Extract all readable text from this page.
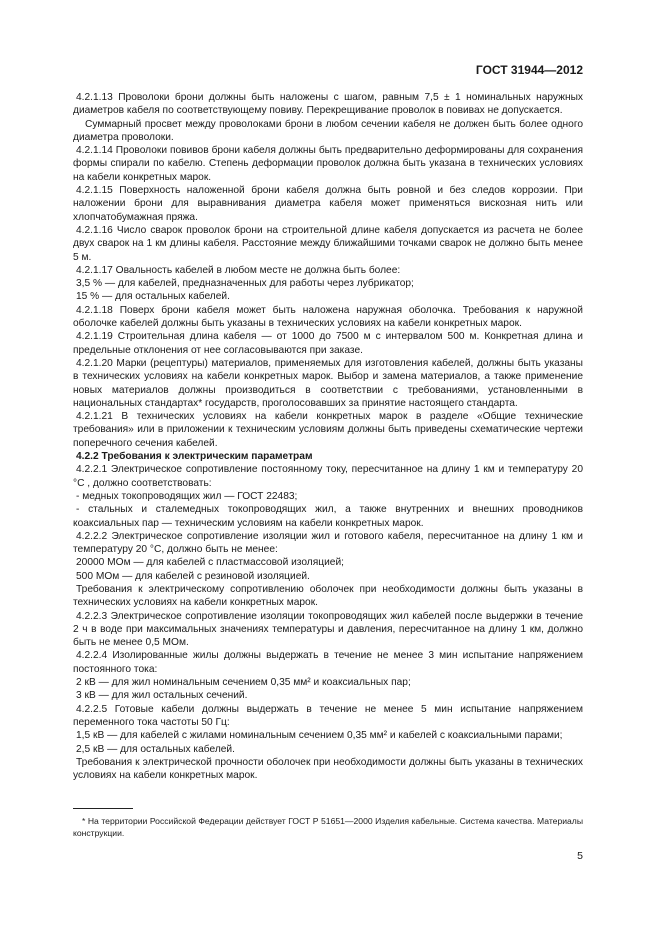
ГОСТ 31944—2012

4.2.1.13 Проволоки брони должны быть наложены с шагом, равным 7,5 ± 1 номинальных наружных диаметров кабеля по соответствующему повиву. Перекрещивание проволок в повивах не допускается.

Суммарный просвет между проволоками брони в любом сечении кабеля не должен быть более одного диаметра проволоки.

4.2.1.14 Проволоки повивов брони кабеля должны быть предварительно деформированы для сохранения формы спирали по кабелю. Степень деформации проволок должна быть указана в технических условиях на кабели конкретных марок.

4.2.1.15 Поверхность наложенной брони кабеля должна быть ровной и без следов коррозии. При наложении брони для выравнивания диаметра кабеля может применяться вискозная нить или хлопчатобумажная пряжа.

4.2.1.16 Число сварок проволок брони на строительной длине кабеля допускается из расчета не более двух сварок на 1 км длины кабеля. Расстояние между ближайшими точками сварок не должно быть менее 5 м.

4.2.1.17 Овальность кабелей в любом месте не должна быть более:

3,5 % — для кабелей, предназначенных для работы через лубрикатор;

15 % — для остальных кабелей.

4.2.1.18 Поверх брони кабеля может быть наложена наружная оболочка. Требования к наружной оболочке кабелей должны быть указаны в технических условиях на кабели конкретных марок.

4.2.1.19 Строительная длина кабеля — от 1000 до 7500 м с интервалом 500 м. Конкретная длина и предельные отклонения от нее согласовываются при заказе.

4.2.1.20 Марки (рецептуры) материалов, применяемых для изготовления кабелей, должны быть указаны в технических условиях на кабели конкретных марок. Выбор и замена материалов, а также применение новых материалов должны производиться в соответствии с требованиями, установленными в национальных стандартах* государств, проголосовавших за принятие настоящего стандарта.

4.2.1.21 В технических условиях на кабели конкретных марок в разделе «Общие технические требования» или в приложении к техническим условиям должны быть приведены схематические чертежи поперечного сечения кабелей.

4.2.2 Требования к электрическим параметрам

4.2.2.1 Электрическое сопротивление постоянному току, пересчитанное на длину 1 км и температуру 20 °С , должно соответствовать:

- медных токопроводящих жил — ГОСТ 22483;

- стальных и сталемедных токопроводящих жил, а также внутренних и внешних проводников коаксиальных пар — техническим условиям на кабели конкретных марок.

4.2.2.2 Электрическое сопротивление изоляции жил и готового кабеля, пересчитанное на длину 1 км и температуру 20 °С, должно быть не менее:

20000 МОм — для кабелей с пластмассовой изоляцией;

500 МОм — для кабелей с резиновой изоляцией.

Требования к электрическому сопротивлению оболочек при необходимости должны быть указаны в технических условиях на кабели конкретных марок.

4.2.2.3 Электрическое сопротивление изоляции токопроводящих жил кабелей после выдержки в течение 2 ч в воде при максимальных значениях температуры и давления, пересчитанное на длину 1 км, должно быть не менее 0,5 МОм.

4.2.2.4 Изолированные жилы должны выдержать в течение не менее 3 мин испытание напряжением постоянного тока:

2 кВ — для жил номинальным сечением 0,35 мм² и коаксиальных пар;

3 кВ — для жил остальных сечений.

4.2.2.5 Готовые кабели должны выдержать в течение не менее 5 мин испытание напряжением переменного тока частоты 50 Гц:

1,5 кВ — для кабелей с жилами номинальным сечением 0,35 мм² и кабелей с коаксиальными парами;

2,5 кВ — для остальных кабелей.

Требования к электрической прочности оболочек при необходимости должны быть указаны в технических условиях на кабели конкретных марок.

* На территории Российской Федерации действует ГОСТ Р 51651—2000 Изделия кабельные. Система качества. Материалы конструкции.

5
